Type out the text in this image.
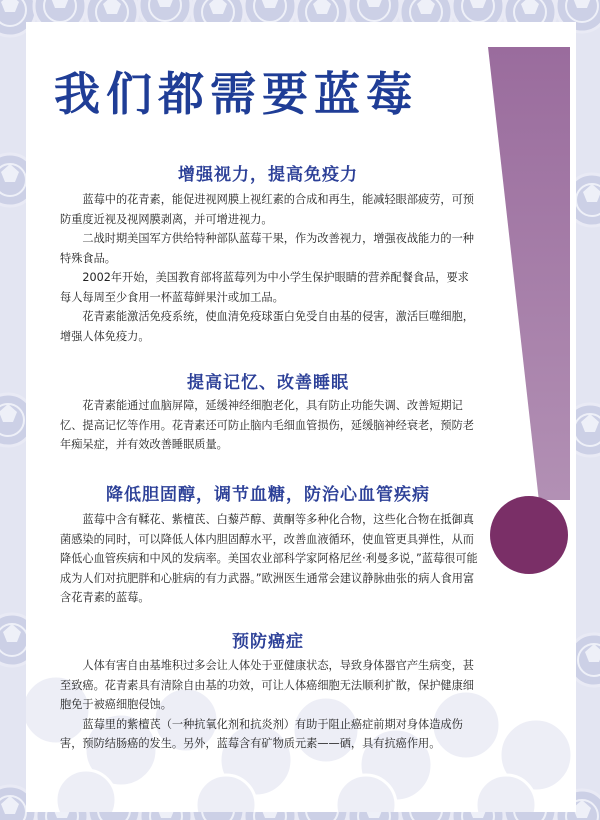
我们都需要蓝莓
增强视力，提高免疫力

蓝莓中的花青素，能促进视网膜上视红素的合成和再生，能减轻眼部疲劳，可预防重度近视及视网膜剥离，并可增进视力。

二战时期美国军方供给特种部队蓝莓干果，作为改善视力，增强夜战能力的一种特殊食品。

2002年开始，美国教育部将蓝莓列为中小学生保护眼睛的营养配餐食品，要求每人每周至少食用一杯蓝莓鲜果汁或加工品。

花青素能激活免疫系统，使血清免疫球蛋白免受自由基的侵害，激活巨噬细胞，增强人体免疫力。

提高记忆、改善睡眠

花青素能通过血脑屏障，延缓神经细胞老化，具有防止功能失调、改善短期记忆、提高记忆等作用。花青素还可防止脑内毛细血管损伤，延缓脑神经衰老，预防老年痴呆症，并有效改善睡眠质量。

降低胆固醇，调节血糖，防治心血管疾病

蓝莓中含有鞣花、紫檀芪、白藜芦醇、黄酮等多种化合物，这些化合物在抵御真菌感染的同时，可以降低人体内胆固醇水平，改善血液循环，使血管更具弹性，从而降低心血管疾病和中风的发病率。美国农业部科学家阿格尼丝·利曼多说，”蓝莓很可能成为人们对抗肥胖和心脏病的有力武器。”欧洲医生通常会建议静脉曲张的病人食用富含花青素的蓝莓。

预防癌症

人体有害自由基堆积过多会让人体处于亚健康状态，导致身体器官产生病变，甚至致癌。花青素具有清除自由基的功效，可让人体癌细胞无法顺利扩散，保护健康细胞免于被癌细胞侵蚀。

蓝莓里的紫檀芪（一种抗氧化剂和抗炎剂）有助于阻止癌症前期对身体造成伤害，预防结肠癌的发生。另外，蓝莓含有矿物质元素——硒，具有抗癌作用。
